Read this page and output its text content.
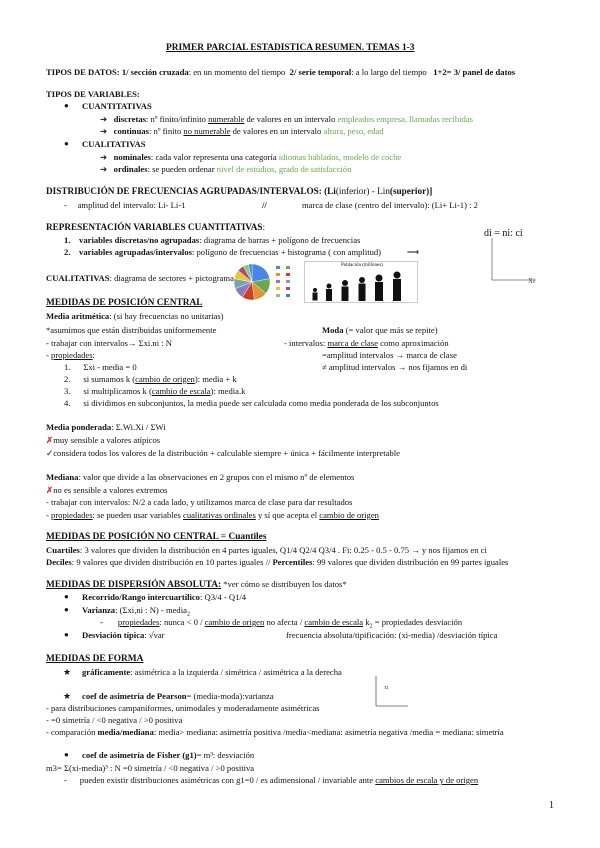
PRIMER PARCIAL ESTADISTICA RESUMEN. TEMAS 1-3
TIPOS DE DATOS: 1/ sección cruzada: en un momento del tiempo 2/ serie temporal: a lo largo del tiempo 1+2= 3/ panel de datos
TIPOS DE VARIABLES:
● CUANTITATIVAS
➔ discretas: nº finito/infinito numerable de valores en un intervalo empleados empresa, llamadas recibidas
➔ continuas: nº finito no numerable de valores en un intervalo altura, peso, edad
● CUALITATIVAS
➔ nominales: cada valor representa una categoría idiomas hablados, modelo de coche
➔ ordinales: se pueden ordenar nivel de estudios, grado de satisfacción
DISTRIBUCIÓN DE FRECUENCIAS AGRUPADAS/INTERVALOS: (Li(inferior) - Lin(superior)]
-     amplitud del intervalo: Li- Li-1	//	marca de clase (centro del intervalo): (Li+ Li-1) : 2
REPRESENTACIÓN VARIABLES CUANTITATIVAS:
di = ni: ci
1. variables discretas/no agrupadas: diagrama de barras + polígono de frecuencias
2. variables agrupadas/intervalos: polígono de frecuencias + histograma ( con amplitud)	⟶
Xi
CUALITATIVAS: diagrama de sectores + pictograma
Población (millones)
MEDIDAS DE POSICIÓN CENTRAL
Media aritmética: (si hay frecuencias no unitarias)
*asumimos que están distribuidas uniformemente	Moda (= valor que más se repite)
- trabajar con intervalos→ Σxi.ni : N	- intervalos: marca de clase como aproximación
- propiedades:	=amplitud intervalos → marca de clase
1. Σxi - media = 0	≠ amplitud intervalos → nos fijamos en di
2. si sumamos k (cambio de origen): media + k
3. si multiplicamos k (cambio de escala): media.k
4. si dividimos en subconjuntos, la media puede ser calculada como media ponderada de los subconjuntos
Media ponderada: Σ.Wi.Xi / ΣWi
✗muy sensible a valores atípicos
✓considera todos los valores de la distribución + calculable siempre + única + fácilmente interpretable
Mediana: valor que divide a las observaciones en 2 grupos con el mismo nº de elementos
✗no es sensible a valores extremos
- trabajar con intervalos: N/2 a cada lado, y utilizamos marca de clase para dar resultados
- propiedades: se pueden usar variables cualitativas ordinales y sí que acepta el cambio de origen
MEDIDAS DE POSICIÓN NO CENTRAL = Cuantiles
Cuartiles: 3 valores que dividen la distribución en 4 partes iguales, Q1/4 Q2/4 Q3/4 . Fi: 0.25 - 0.5 - 0.75 → y nos fijamos en ci
Deciles: 9 valores que dividen distribución en 10 partes iguales // Percentiles: 99 valores que dividen distribución en 99 partes iguales
MEDIDAS DE DISPERSIÓN ABSOLUTA: *ver cómo se distribuyen los datos*
● Recorrido/Rango intercuartílico: Q3/4 - Q1/4
● Varianza: (Σxi,ni : N) - media$_2$
-       propiedades: nunca < 0 / cambio de origen no afecta / cambio de escala $k_2$ = propiedades desviación
● Desviación típica: √var	frecuencia absoluta/tipificación: (xi-media) /desviación típica
MEDIDAS DE FORMA
★ gráficamente: asimétrica a la izquierda / simétrica / asimétrica a la derecha
xi
★ coef de asimetría de Pearson= (media-moda):varianza
- para distribuciones campaniformes, unimodales y moderadamente asimétricas
- =0 simetría / <0 negativa / >0 positiva
- comparación media/mediana: media> mediana: asimetría positiva /media<mediana: asimetría negativa /media = mediana: simetría
● coef de asimetría de Fisher (g1)= m³: desviación
m3= Σ(xi-media)³ : N =0 simetría / <0 negativa / >0 positiva
-      pueden existir distribuciones asimétricas con g1=0 / es adimensional / invariable ante cambios de escala y de origen
1
